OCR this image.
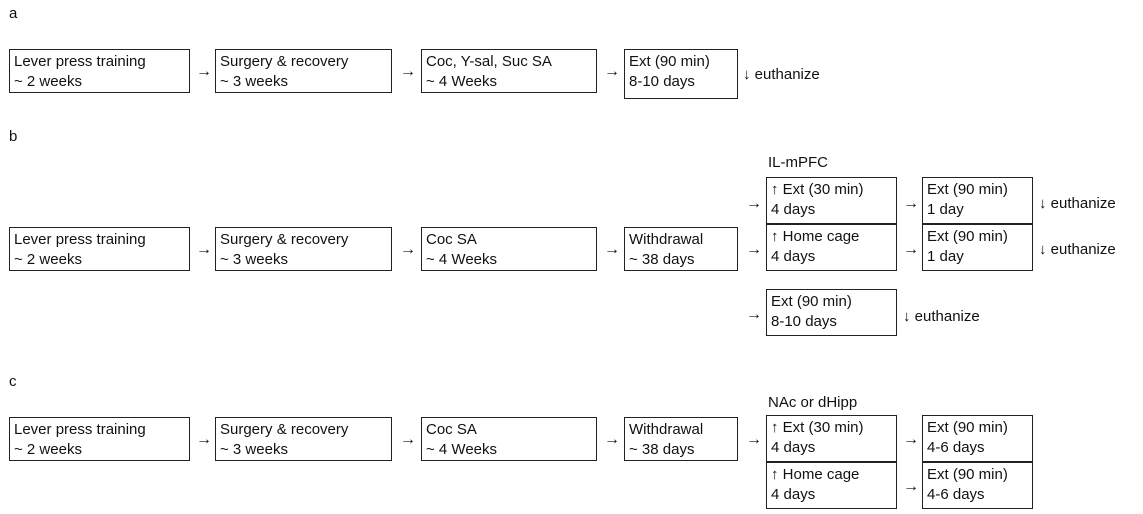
a
Lever press training
~ 2 weeks
→
Surgery & recovery
~ 3 weeks
→
Coc, Y-sal, Suc SA
~ 4 Weeks
→
Ext (90 min)
8-10 days	↓ euthanize
b
Lever press training
~ 2 weeks
→
Surgery & recovery
~ 3 weeks
→
Coc SA
~ 4 Weeks
→
Withdrawal
~ 38 days
IL-mPFC
→
↑ Ext (30 min)
4 days	→
Ext (90 min)
1 day	↓ euthanize
→
↑ Home cage
4 days	→
Ext (90 min)
1 day	↓ euthanize
→
Ext (90 min)
8-10 days	↓ euthanize
c
Lever press training
~ 2 weeks
→
Surgery & recovery
~ 3 weeks
→
Coc SA
~ 4 Weeks
→
Withdrawal
~ 38 days
NAc or dHipp
→
↑ Ext (30 min)
4 days	→
Ext (90 min)
4-6 days
↑ Home cage
4 days	→
Ext (90 min)
4-6 days
